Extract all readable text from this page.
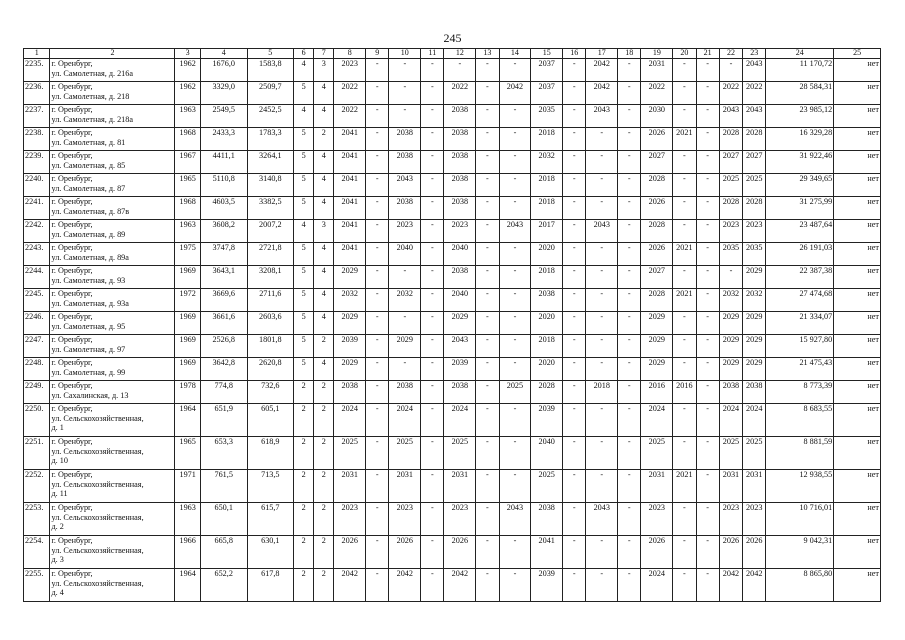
245
1	2	3	4	5	6	7	8	9	10	11	12	13	14	15	16	17	18	19	20	21	22	23	24	25
2235.	г. Оренбург,
ул. Самолетная, д. 216а	1962	1676,0	1583,8	4	3	2023	-	-	-	-	-	-	2037	-	2042	-	2031	-	-	-	2043	11 170,72	нет
2236.	г. Оренбург,
ул. Самолетная, д. 218	1962	3329,0	2509,7	5	4	2022	-	-	-	2022	-	2042	2037	-	2042	-	2022	-	-	2022	2022	28 584,31	нет
2237.	г. Оренбург,
ул. Самолетная, д. 218а	1963	2549,5	2452,5	4	4	2022	-	-	-	2038	-	-	2035	-	2043	-	2030	-	-	2043	2043	23 985,12	нет
2238.	г. Оренбург,
ул. Самолетная, д. 81	1968	2433,3	1783,3	5	2	2041	-	2038	-	2038	-	-	2018	-	-	-	2026	2021	-	2028	2028	16 329,28	нет
2239.	г. Оренбург,
ул. Самолетная, д. 85	1967	4411,1	3264,1	5	4	2041	-	2038	-	2038	-	-	2032	-	-	-	2027	-	-	2027	2027	31 922,46	нет
2240.	г. Оренбург,
ул. Самолетная, д. 87	1965	5110,8	3140,8	5	4	2041	-	2043	-	2038	-	-	2018	-	-	-	2028	-	-	2025	2025	29 349,65	нет
2241.	г. Оренбург,
ул. Самолетная, д. 87в	1968	4603,5	3382,5	5	4	2041	-	2038	-	2038	-	-	2018	-	-	-	2026	-	-	2028	2028	31 275,99	нет
2242.	г. Оренбург,
ул. Самолетная, д. 89	1963	3608,2	2007,2	4	3	2041	-	2023	-	2023	-	2043	2017	-	2043	-	2028	-	-	2023	2023	23 487,64	нет
2243.	г. Оренбург,
ул. Самолетная, д. 89а	1975	3747,8	2721,8	5	4	2041	-	2040	-	2040	-	-	2020	-	-	-	2026	2021	-	2035	2035	26 191,03	нет
2244.	г. Оренбург,
ул. Самолетная, д. 93	1969	3643,1	3208,1	5	4	2029	-	-	-	2038	-	-	2018	-	-	-	2027	-	-	-	2029	22 387,38	нет
2245.	г. Оренбург,
ул. Самолетная, д. 93а	1972	3669,6	2711,6	5	4	2032	-	2032	-	2040	-	-	2038	-	-	-	2028	2021	-	2032	2032	27 474,68	нет
2246.	г. Оренбург,
ул. Самолетная, д. 95	1969	3661,6	2603,6	5	4	2029	-	-	-	2029	-	-	2020	-	-	-	2029	-	-	2029	2029	21 334,07	нет
2247.	г. Оренбург,
ул. Самолетная, д. 97	1969	2526,8	1801,8	5	2	2039	-	2029	-	2043	-	-	2018	-	-	-	2029	-	-	2029	2029	15 927,80	нет
2248.	г. Оренбург,
ул. Самолетная, д. 99	1969	3642,8	2620,8	5	4	2029	-	-	-	2039	-	-	2020	-	-	-	2029	-	-	2029	2029	21 475,43	нет
2249.	г. Оренбург,
ул. Сахалинская, д. 13	1978	774,8	732,6	2	2	2038	-	2038	-	2038	-	2025	2028	-	2018	-	2016	2016	-	2038	2038	8 773,39	нет
2250.	г. Оренбург,
ул. Сельскохозяйственная,
д. 1	1964	651,9	605,1	2	2	2024	-	2024	-	2024	-	-	2039	-	-	-	2024	-	-	2024	2024	8 683,55	нет
2251.	г. Оренбург,
ул. Сельскохозяйственная,
д. 10	1965	653,3	618,9	2	2	2025	-	2025	-	2025	-	-	2040	-	-	-	2025	-	-	2025	2025	8 881,59	нет
2252.	г. Оренбург,
ул. Сельскохозяйственная,
д. 11	1971	761,5	713,5	2	2	2031	-	2031	-	2031	-	-	2025	-	-	-	2031	2021	-	2031	2031	12 938,55	нет
2253.	г. Оренбург,
ул. Сельскохозяйственная,
д. 2	1963	650,1	615,7	2	2	2023	-	2023	-	2023	-	2043	2038	-	2043	-	2023	-	-	2023	2023	10 716,01	нет
2254.	г. Оренбург,
ул. Сельскохозяйственная,
д. 3	1966	665,8	630,1	2	2	2026	-	2026	-	2026	-	-	2041	-	-	-	2026	-	-	2026	2026	9 042,31	нет
2255.	г. Оренбург,
ул. Сельскохозяйственная,
д. 4	1964	652,2	617,8	2	2	2042	-	2042	-	2042	-	-	2039	-	-	-	2024	-	-	2042	2042	8 865,80	нет
